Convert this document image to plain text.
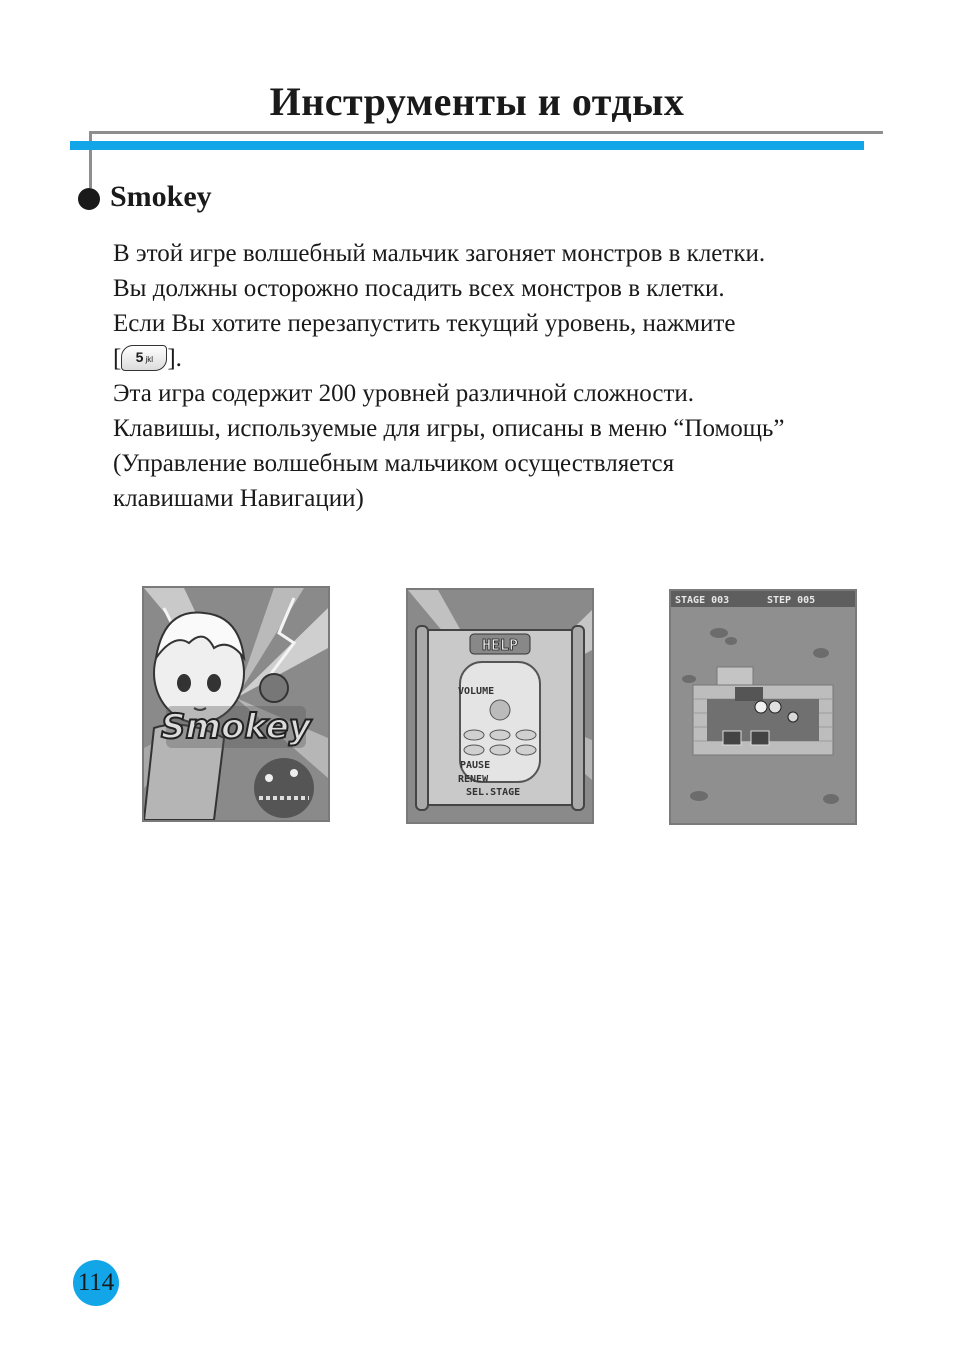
Инструменты и отдых
Smokey
В этой игре волшебный мальчик загоняет монстров в клетки.
Вы должны осторожно посадить всех монстров в клетки.
Если Вы хотите перезапустить текущий уровень, нажмите
[ 5 jkl ].
Эта игра содержит 200 уровней различной сложности.
Клавишы, используемые для игры, описаны в меню “Помощь”
(Управление волшебным мальчиком осуществляется
клавишами Навигации)
Smokey
HELP
VOLUME
PAUSE
RENEW
SEL.STAGE
STAGE 003	STEP 005
114
